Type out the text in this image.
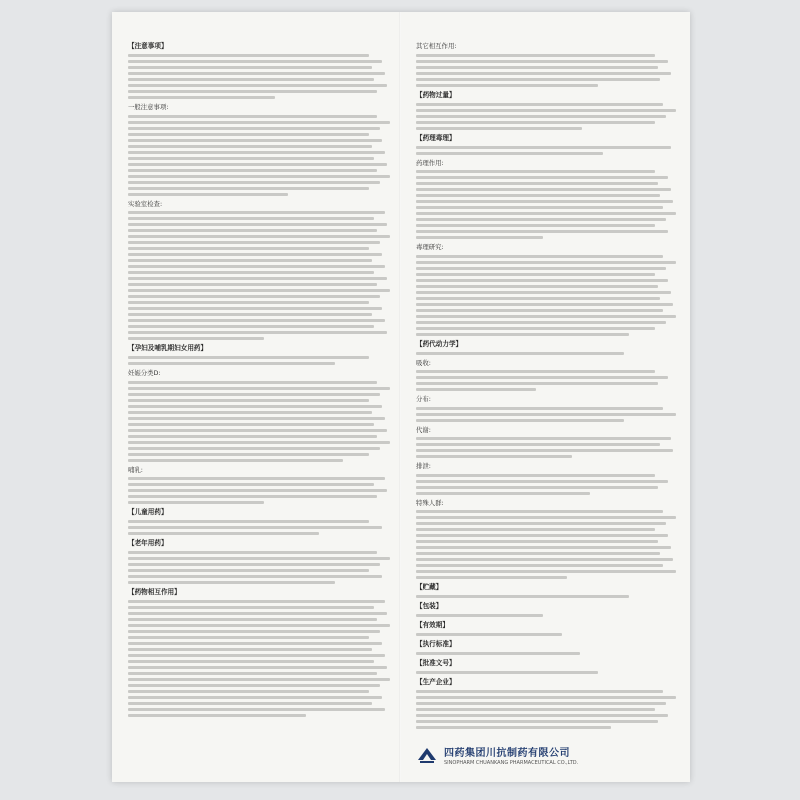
【注意事项】
一般注意事项:
实验室检查:
【孕妇及哺乳期妇女用药】
妊娠分类D:
哺乳:
【儿童用药】
【老年用药】
【药物相互作用】
其它相互作用:
【药物过量】
【药理毒理】
药理作用:
毒理研究:
【药代动力学】
吸收:
分布:
代谢:
排泄:
特殊人群:
【贮藏】
【包装】
【有效期】
【执行标准】
【批准文号】
【生产企业】
四药集团川抗制药有限公司
SINOPHARM CHUANKANG PHARMACEUTICAL CO.,LTD.
